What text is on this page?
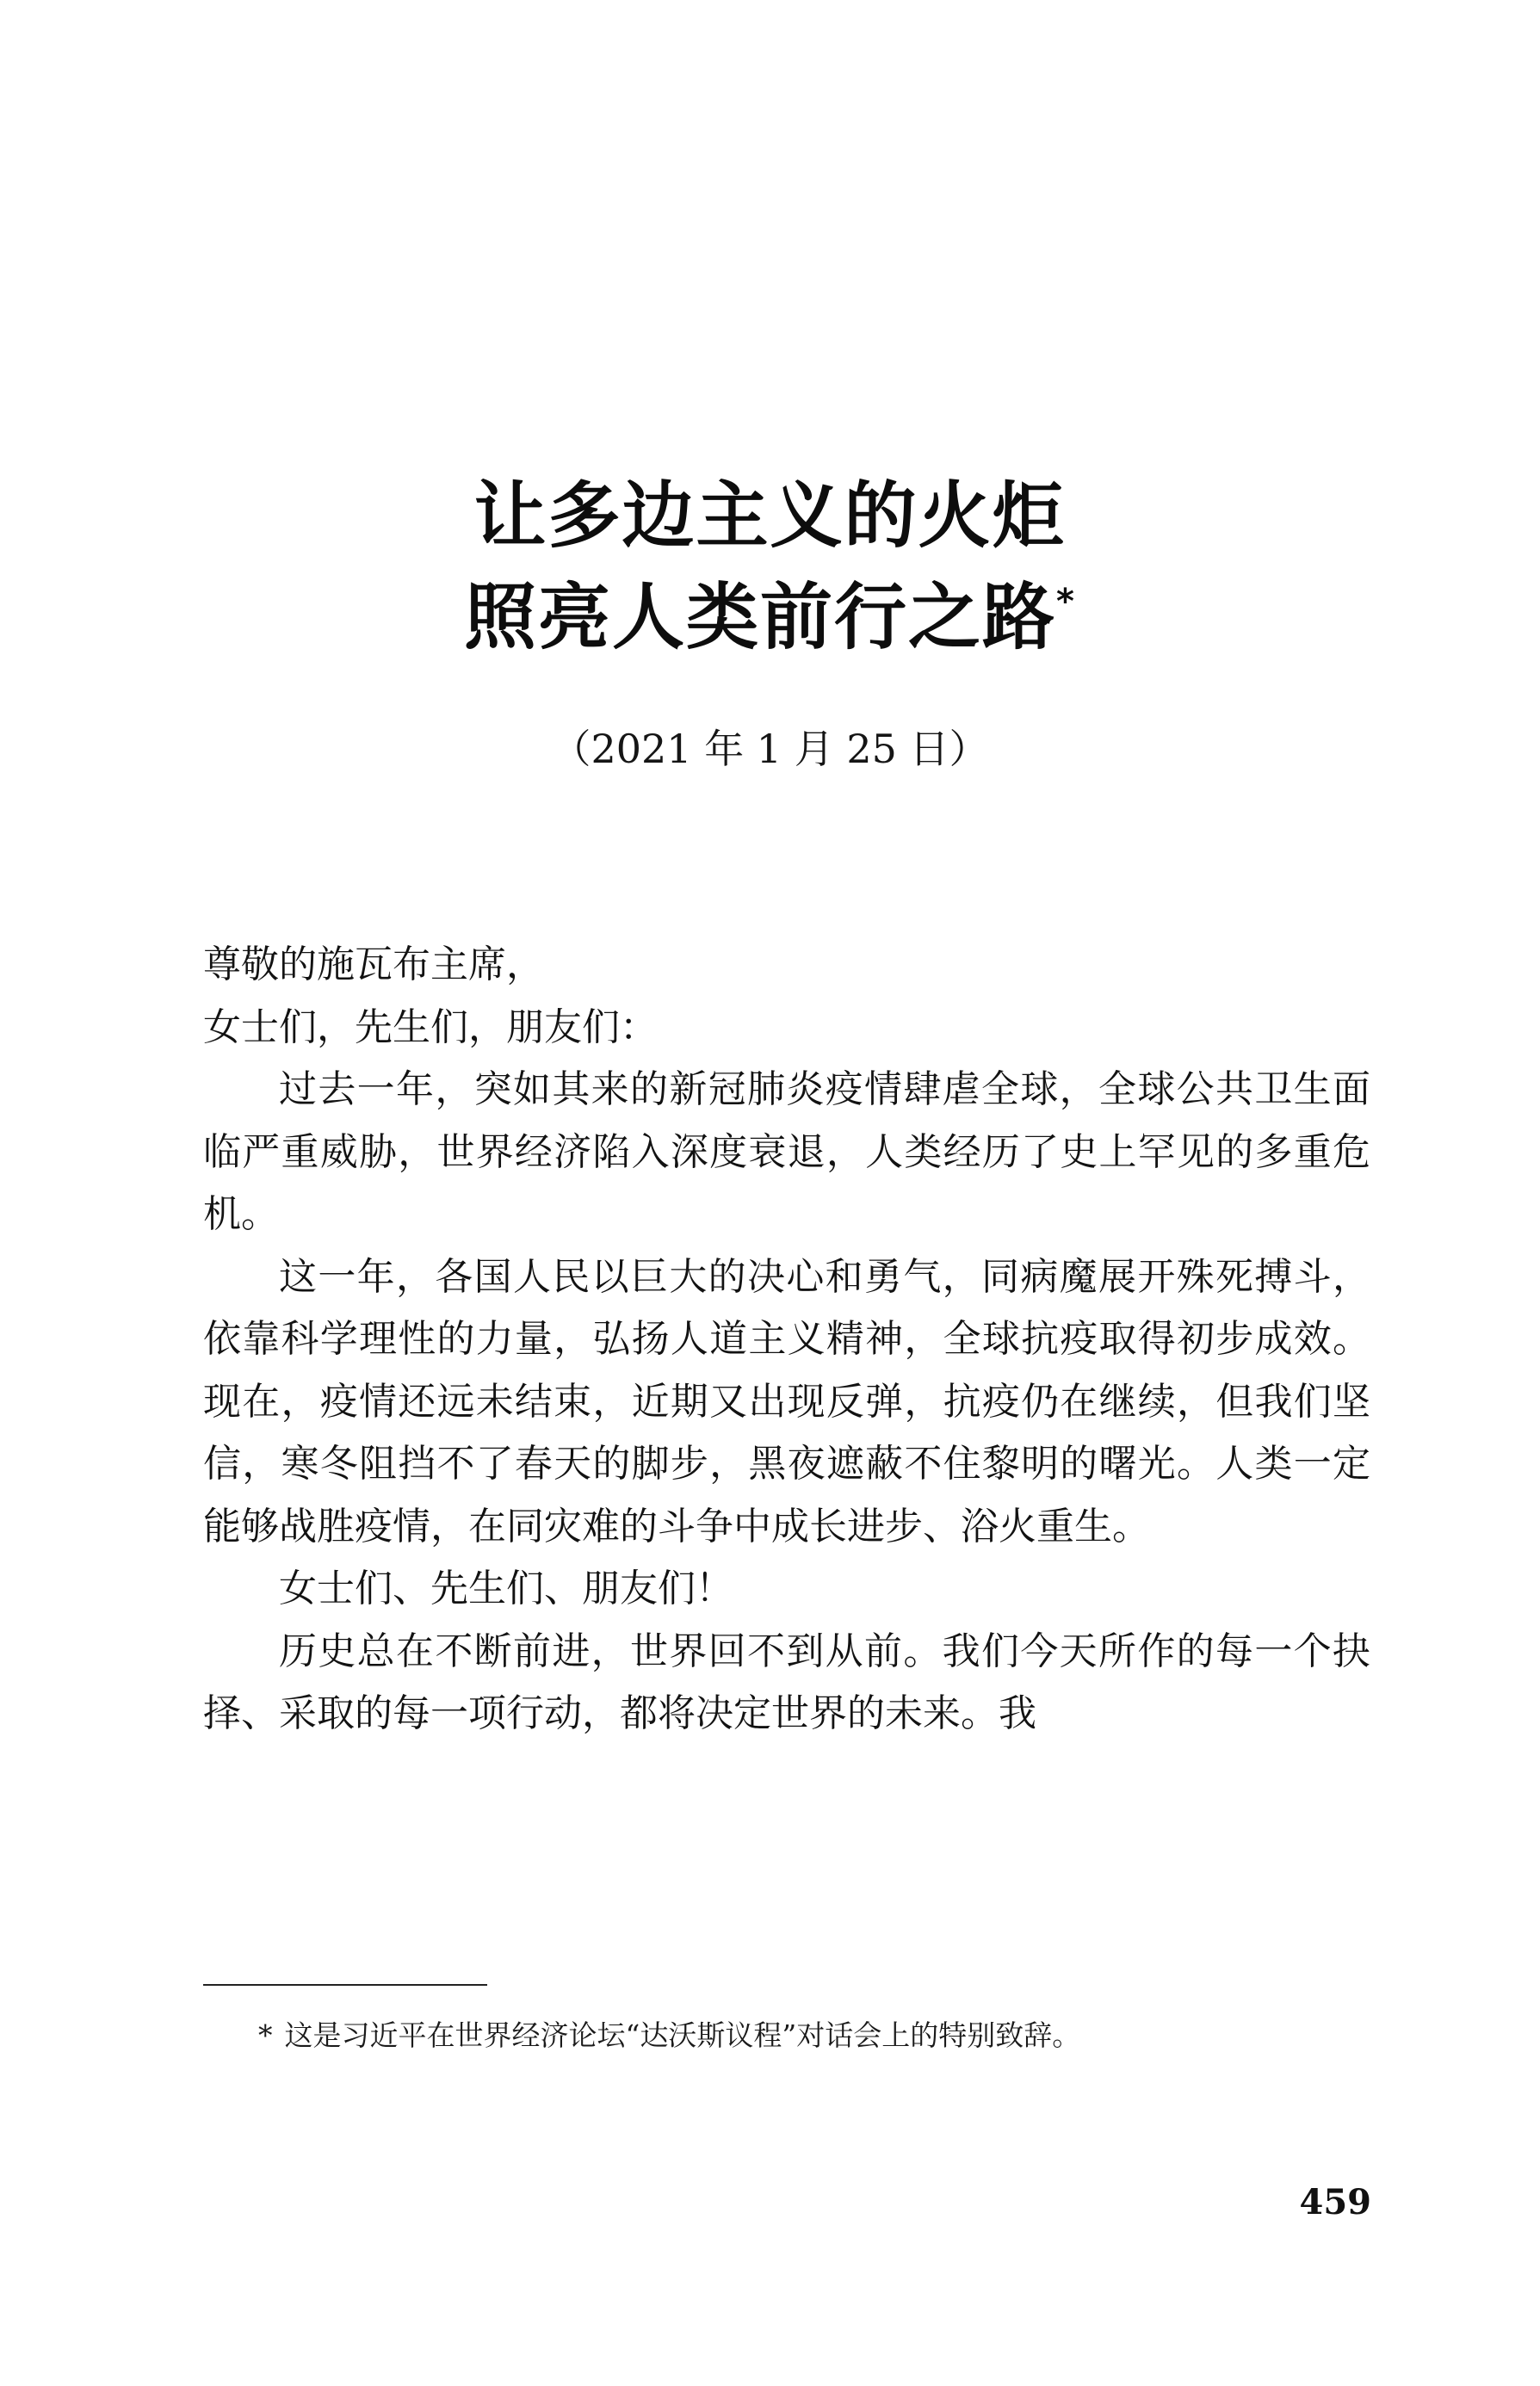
让多边主义的火炬
照亮人类前行之路*
（2021 年 1 月 25 日）

尊敬的施瓦布主席，

女士们，先生们，朋友们：

过去一年，突如其来的新冠肺炎疫情肆虐全球，全球公共卫生面临严重威胁，世界经济陷入深度衰退，人类经历了史上罕见的多重危机。

这一年，各国人民以巨大的决心和勇气，同病魔展开殊死搏斗，依靠科学理性的力量，弘扬人道主义精神，全球抗疫取得初步成效。现在，疫情还远未结束，近期又出现反弹，抗疫仍在继续，但我们坚信，寒冬阻挡不了春天的脚步，黑夜遮蔽不住黎明的曙光。人类一定能够战胜疫情，在同灾难的斗争中成长进步、浴火重生。

女士们、先生们、朋友们！

历史总在不断前进，世界回不到从前。我们今天所作的每一个抉择、采取的每一项行动，都将决定世界的未来。我

* 这是习近平在世界经济论坛“达沃斯议程”对话会上的特别致辞。
459
